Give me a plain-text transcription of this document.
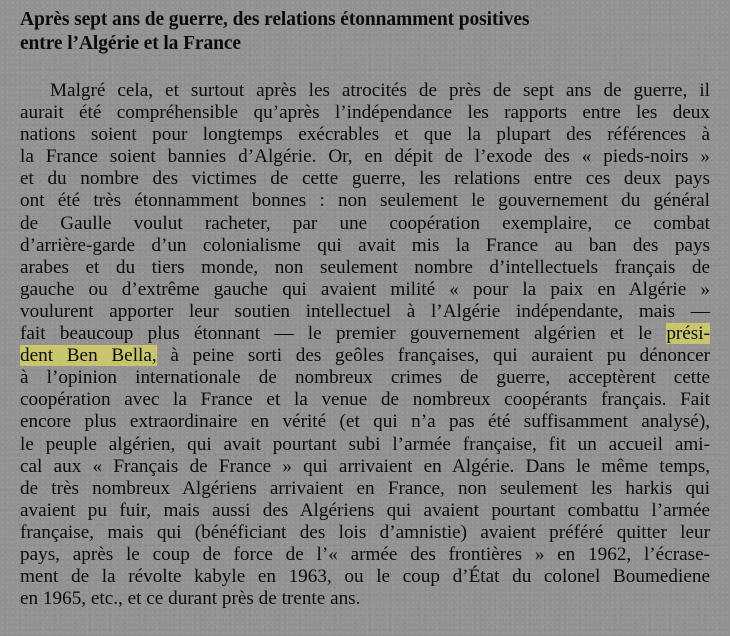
Après sept ans de guerre, des relations étonnamment positives
entre l’Algérie et la France
Malgré cela, et surtout après les atrocités de près de sept ans de guerre, il
aurait été compréhensible qu’après l’indépendance les rapports entre les deux
nations soient pour longtemps exécrables et que la plupart des références à
la France soient bannies d’Algérie. Or, en dépit de l’exode des « pieds-noirs »
et du nombre des victimes de cette guerre, les relations entre ces deux pays
ont été très étonnamment bonnes : non seulement le gouvernement du général
de Gaulle voulut racheter, par une coopération exemplaire, ce combat
d’arrière-garde d’un colonialisme qui avait mis la France au ban des pays
arabes et du tiers monde, non seulement nombre d’intellectuels français de
gauche ou d’extrême gauche qui avaient milité « pour la paix en Algérie »
voulurent apporter leur soutien intellectuel à l’Algérie indépendante, mais —
fait beaucoup plus étonnant — le premier gouvernement algérien et le prési-
dent Ben Bella, à peine sorti des geôles françaises, qui auraient pu dénoncer
à l’opinion internationale de nombreux crimes de guerre, acceptèrent cette
coopération avec la France et la venue de nombreux coopérants français. Fait
encore plus extraordinaire en vérité (et qui n’a pas été suffisamment analysé),
le peuple algérien, qui avait pourtant subi l’armée française, fit un accueil ami-
cal aux « Français de France » qui arrivaient en Algérie. Dans le même temps,
de très nombreux Algériens arrivaient en France, non seulement les harkis qui
avaient pu fuir, mais aussi des Algériens qui avaient pourtant combattu l’armée
française, mais qui (bénéficiant des lois d’amnistie) avaient préféré quitter leur
pays, après le coup de force de l’« armée des frontières » en 1962, l’écrase-
ment de la révolte kabyle en 1963, ou le coup d’État du colonel Boumediene
en 1965, etc., et ce durant près de trente ans.
